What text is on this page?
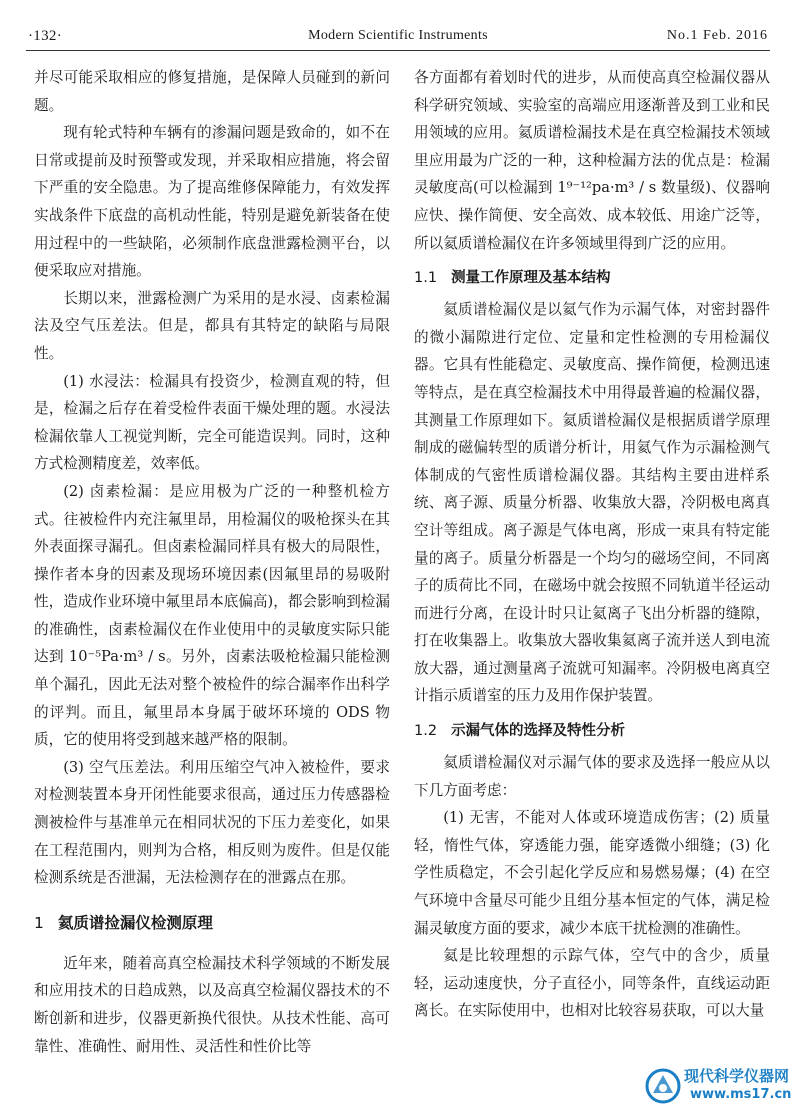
·132·	Modern Scientific Instruments	No.1 Feb. 2016

并尽可能采取相应的修复措施，是保障人员碰到的新问题。

现有轮式特种车辆有的渗漏问题是致命的，如不在日常或提前及时预警或发现，并采取相应措施，将会留下严重的安全隐患。为了提高维修保障能力，有效发挥实战条件下底盘的高机动性能，特别是避免新装备在使用过程中的一些缺陷，必须制作底盘泄露检测平台，以便采取应对措施。

长期以来，泄露检测广为采用的是水浸、卤素检漏法及空气压差法。但是，都具有其特定的缺陷与局限性。

(1) 水浸法：检漏具有投资少，检测直观的特，但是，检漏之后存在着受检件表面干燥处理的题。水浸法检漏依靠人工视觉判断，完全可能造误判。同时，这种方式检测精度差，效率低。

(2) 卤素检漏：是应用极为广泛的一种整机检方式。往被检件内充注氟里昂，用检漏仪的吸枪探头在其外表面探寻漏孔。但卤素检漏同样具有极大的局限性，操作者本身的因素及现场环境因素(因氟里昂的易吸附性，造成作业环境中氟里昂本底偏高)，都会影响到检漏的准确性，卤素检漏仪在作业使用中的灵敏度实际只能达到 10⁻⁵Pa·m³ / s。另外，卤素法吸枪检漏只能检测单个漏孔，因此无法对整个被检件的综合漏率作出科学的评判。而且，氟里昂本身属于破坏环境的 ODS 物质，它的使用将受到越来越严格的限制。

(3) 空气压差法。利用压缩空气冲入被检件，要求对检测装置本身开闭性能要求很高，通过压力传感器检测被检件与基准单元在相同状况的下压力差变化，如果在工程范围内，则判为合格，相反则为废件。但是仅能检测系统是否泄漏，无法检测存在的泄露点在那。

1 氦质谱捡漏仪检测原理

近年来，随着高真空检漏技术科学领域的不断发展和应用技术的日趋成熟，以及高真空检漏仪器技术的不断创新和进步，仪器更新换代很快。从技术性能、高可靠性、准确性、耐用性、灵活性和性价比等

各方面都有着划时代的进步，从而使高真空检漏仪器从科学研究领域、实验室的高端应用逐渐普及到工业和民用领域的应用。氦质谱检漏技术是在真空检漏技术领域里应用最为广泛的一种，这种检漏方法的优点是：检漏灵敏度高(可以检漏到 1⁹⁻¹²pa·m³ / s 数量级)、仪器响应快、操作简便、安全高效、成本较低、用途广泛等，所以氦质谱检漏仪在许多领域里得到广泛的应用。

1.1 测量工作原理及基本结构

氦质谱检漏仪是以氦气作为示漏气体，对密封器件的微小漏隙进行定位、定量和定性检测的专用检漏仪器。它具有性能稳定、灵敏度高、操作简便，检测迅速等特点，是在真空检漏技术中用得最普遍的检漏仪器，其测量工作原理如下。氦质谱检漏仪是根据质谱学原理制成的磁偏转型的质谱分析计，用氦气作为示漏检测气体制成的气密性质谱检漏仪器。其结构主要由进样系统、离子源、质量分析器、收集放大器，冷阴极电离真空计等组成。离子源是气体电离，形成一束具有特定能量的离子。质量分析器是一个均匀的磁场空间，不同离子的质荷比不同，在磁场中就会按照不同轨道半径运动而进行分离，在设计时只让氦离子飞出分析器的缝隙，打在收集器上。收集放大器收集氦离子流并送人到电流放大器，通过测量离子流就可知漏率。冷阴极电离真空计指示质谱室的压力及用作保护装置。

1.2 示漏气体的选择及特性分析

氦质谱检漏仪对示漏气体的要求及选择一般应从以下几方面考虑：

(1) 无害，不能对人体或环境造成伤害；(2) 质量轻，惰性气体，穿透能力强，能穿透微小细缝；(3) 化学性质稳定，不会引起化学反应和易燃易爆；(4) 在空气环境中含量尽可能少且组分基本恒定的气体，满足检漏灵敏度方面的要求，减少本底干扰检测的准确性。

氦是比较理想的示踪气体，空气中的含少，质量轻，运动速度快，分子直径小，同等条件，直线运动距离长。在实际使用中，也相对比较容易获取，可以大量

现代科学仪器网
www.ms17.cn
